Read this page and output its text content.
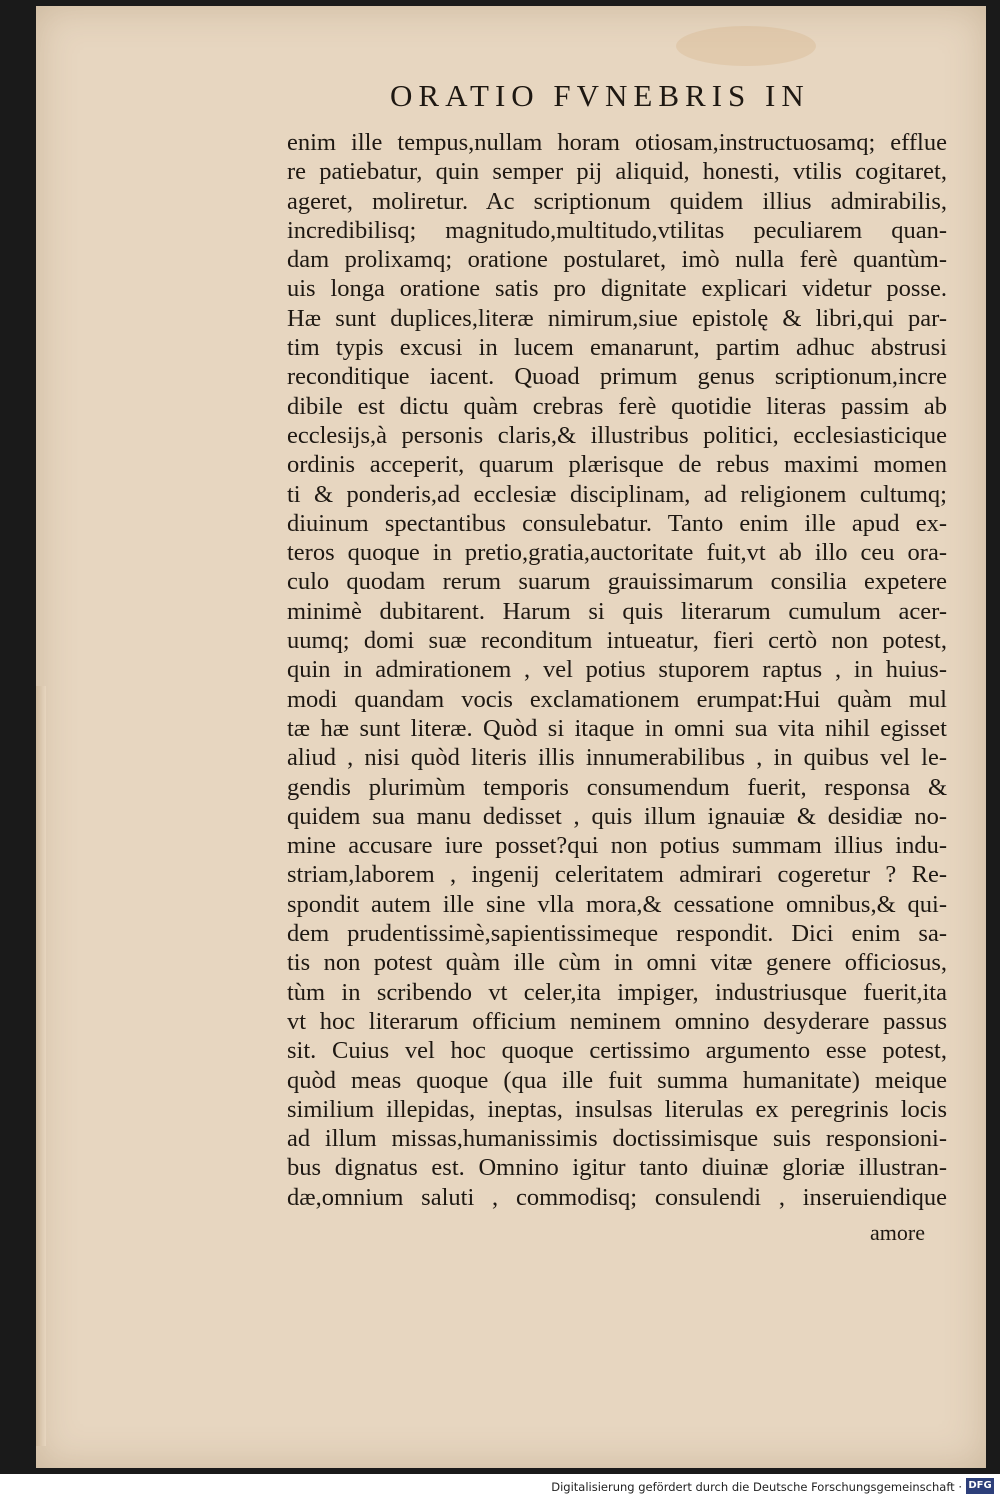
ORATIO FVNEBRIS IN
enim ille tempus,nullam horam otiosam,instructuosamq; efflue
re patiebatur, quin semper pij aliquid, honesti, vtilis cogitaret,
ageret, moliretur. Ac scriptionum quidem illius admirabilis,
incredibilisq; magnitudo,multitudo,vtilitas peculiarem quan-
dam prolixamq; oratione postularet, imò nulla ferè quantùm-
uis longa oratione satis pro dignitate explicari videtur posse.
Hæ sunt duplices,literæ nimirum,siue epistolę & libri,qui par-
tim typis excusi in lucem emanarunt, partim adhuc abstrusi
reconditique iacent. Quoad primum genus scriptionum,incre
dibile est dictu quàm crebras ferè quotidie literas passim ab
ecclesijs,à personis claris,& illustribus politici, ecclesiasticique
ordinis acceperit, quarum plærisque de rebus maximi momen
ti & ponderis,ad ecclesiæ disciplinam, ad religionem cultumq;
diuinum spectantibus consulebatur. Tanto enim ille apud ex-
teros quoque in pretio,gratia,auctoritate fuit,vt ab illo ceu ora-
culo quodam rerum suarum grauissimarum consilia expetere
minimè dubitarent. Harum si quis literarum cumulum acer-
uumq; domi suæ reconditum intueatur, fieri certò non potest,
quin in admirationem , vel potius stuporem raptus , in huius-
modi quandam vocis exclamationem erumpat:Hui quàm mul
tæ hæ sunt literæ. Quòd si itaque in omni sua vita nihil egisset
aliud , nisi quòd literis illis innumerabilibus , in quibus vel le-
gendis plurimùm temporis consumendum fuerit, responsa &
quidem sua manu dedisset , quis illum ignauiæ & desidiæ no-
mine accusare iure posset?qui non potius summam illius indu-
striam,laborem , ingenij celeritatem admirari cogeretur ? Re-
spondit autem ille sine vlla mora,& cessatione omnibus,& qui-
dem prudentissimè,sapientissimeque respondit. Dici enim sa-
tis non potest quàm ille cùm in omni vitæ genere officiosus,
tùm in scribendo vt celer,ita impiger, industriusque fuerit,ita
vt hoc literarum officium neminem omnino desyderare passus
sit. Cuius vel hoc quoque certissimo argumento esse potest,
quòd meas quoque (qua ille fuit summa humanitate) meique
similium illepidas, ineptas, insulsas literulas ex peregrinis locis
ad illum missas,humanissimis doctissimisque suis responsioni-
bus dignatus est. Omnino igitur tanto diuinæ gloriæ illustran-
dæ,omnium saluti , commodisq; consulendi , inseruiendique
amore
Digitalisierung gefördert durch die Deutsche Forschungsgemeinschaft · DFG
